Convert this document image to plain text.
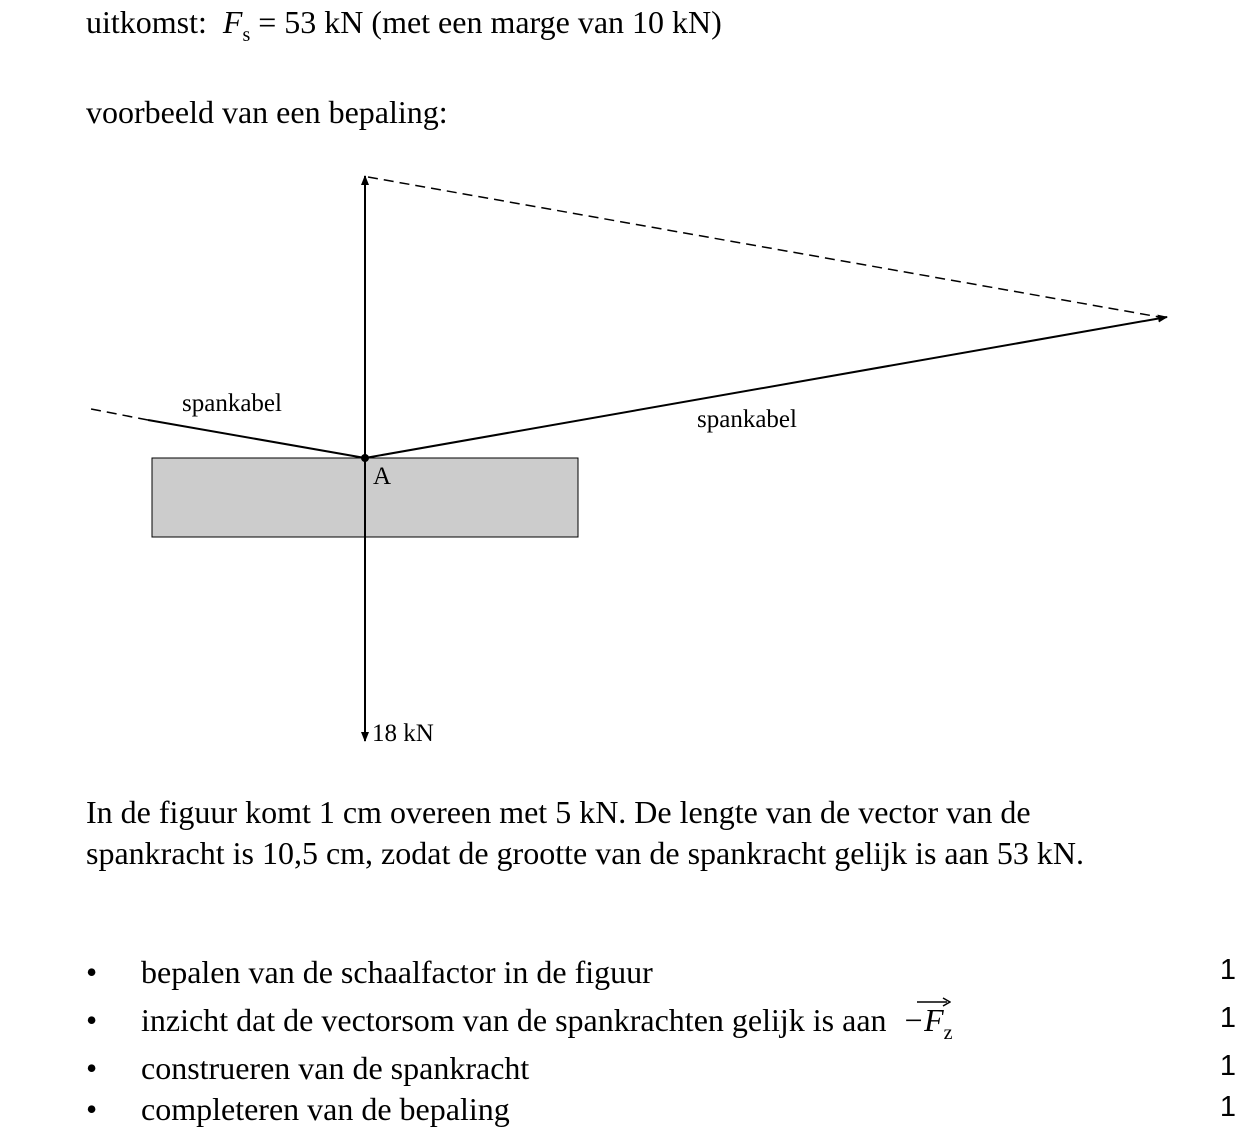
uitkomst: $F_s = 53$ kN (met een marge van 10 kN)
voorbeeld van een bepaling:
spankabel
spankabel
A
18 kN
In de figuur komt 1 cm overeen met 5 kN. De lengte van de vector van de spankracht is 10,5 cm, zodat de grootte van de spankracht gelijk is aan 53 kN.
• bepalen van de schaalfactor in de figuur	1
• inzicht dat de vectorsom van de spankrachten gelijk is aan $-F_z$	1
• construeren van de spankracht	1
• completeren van de bepaling	1
